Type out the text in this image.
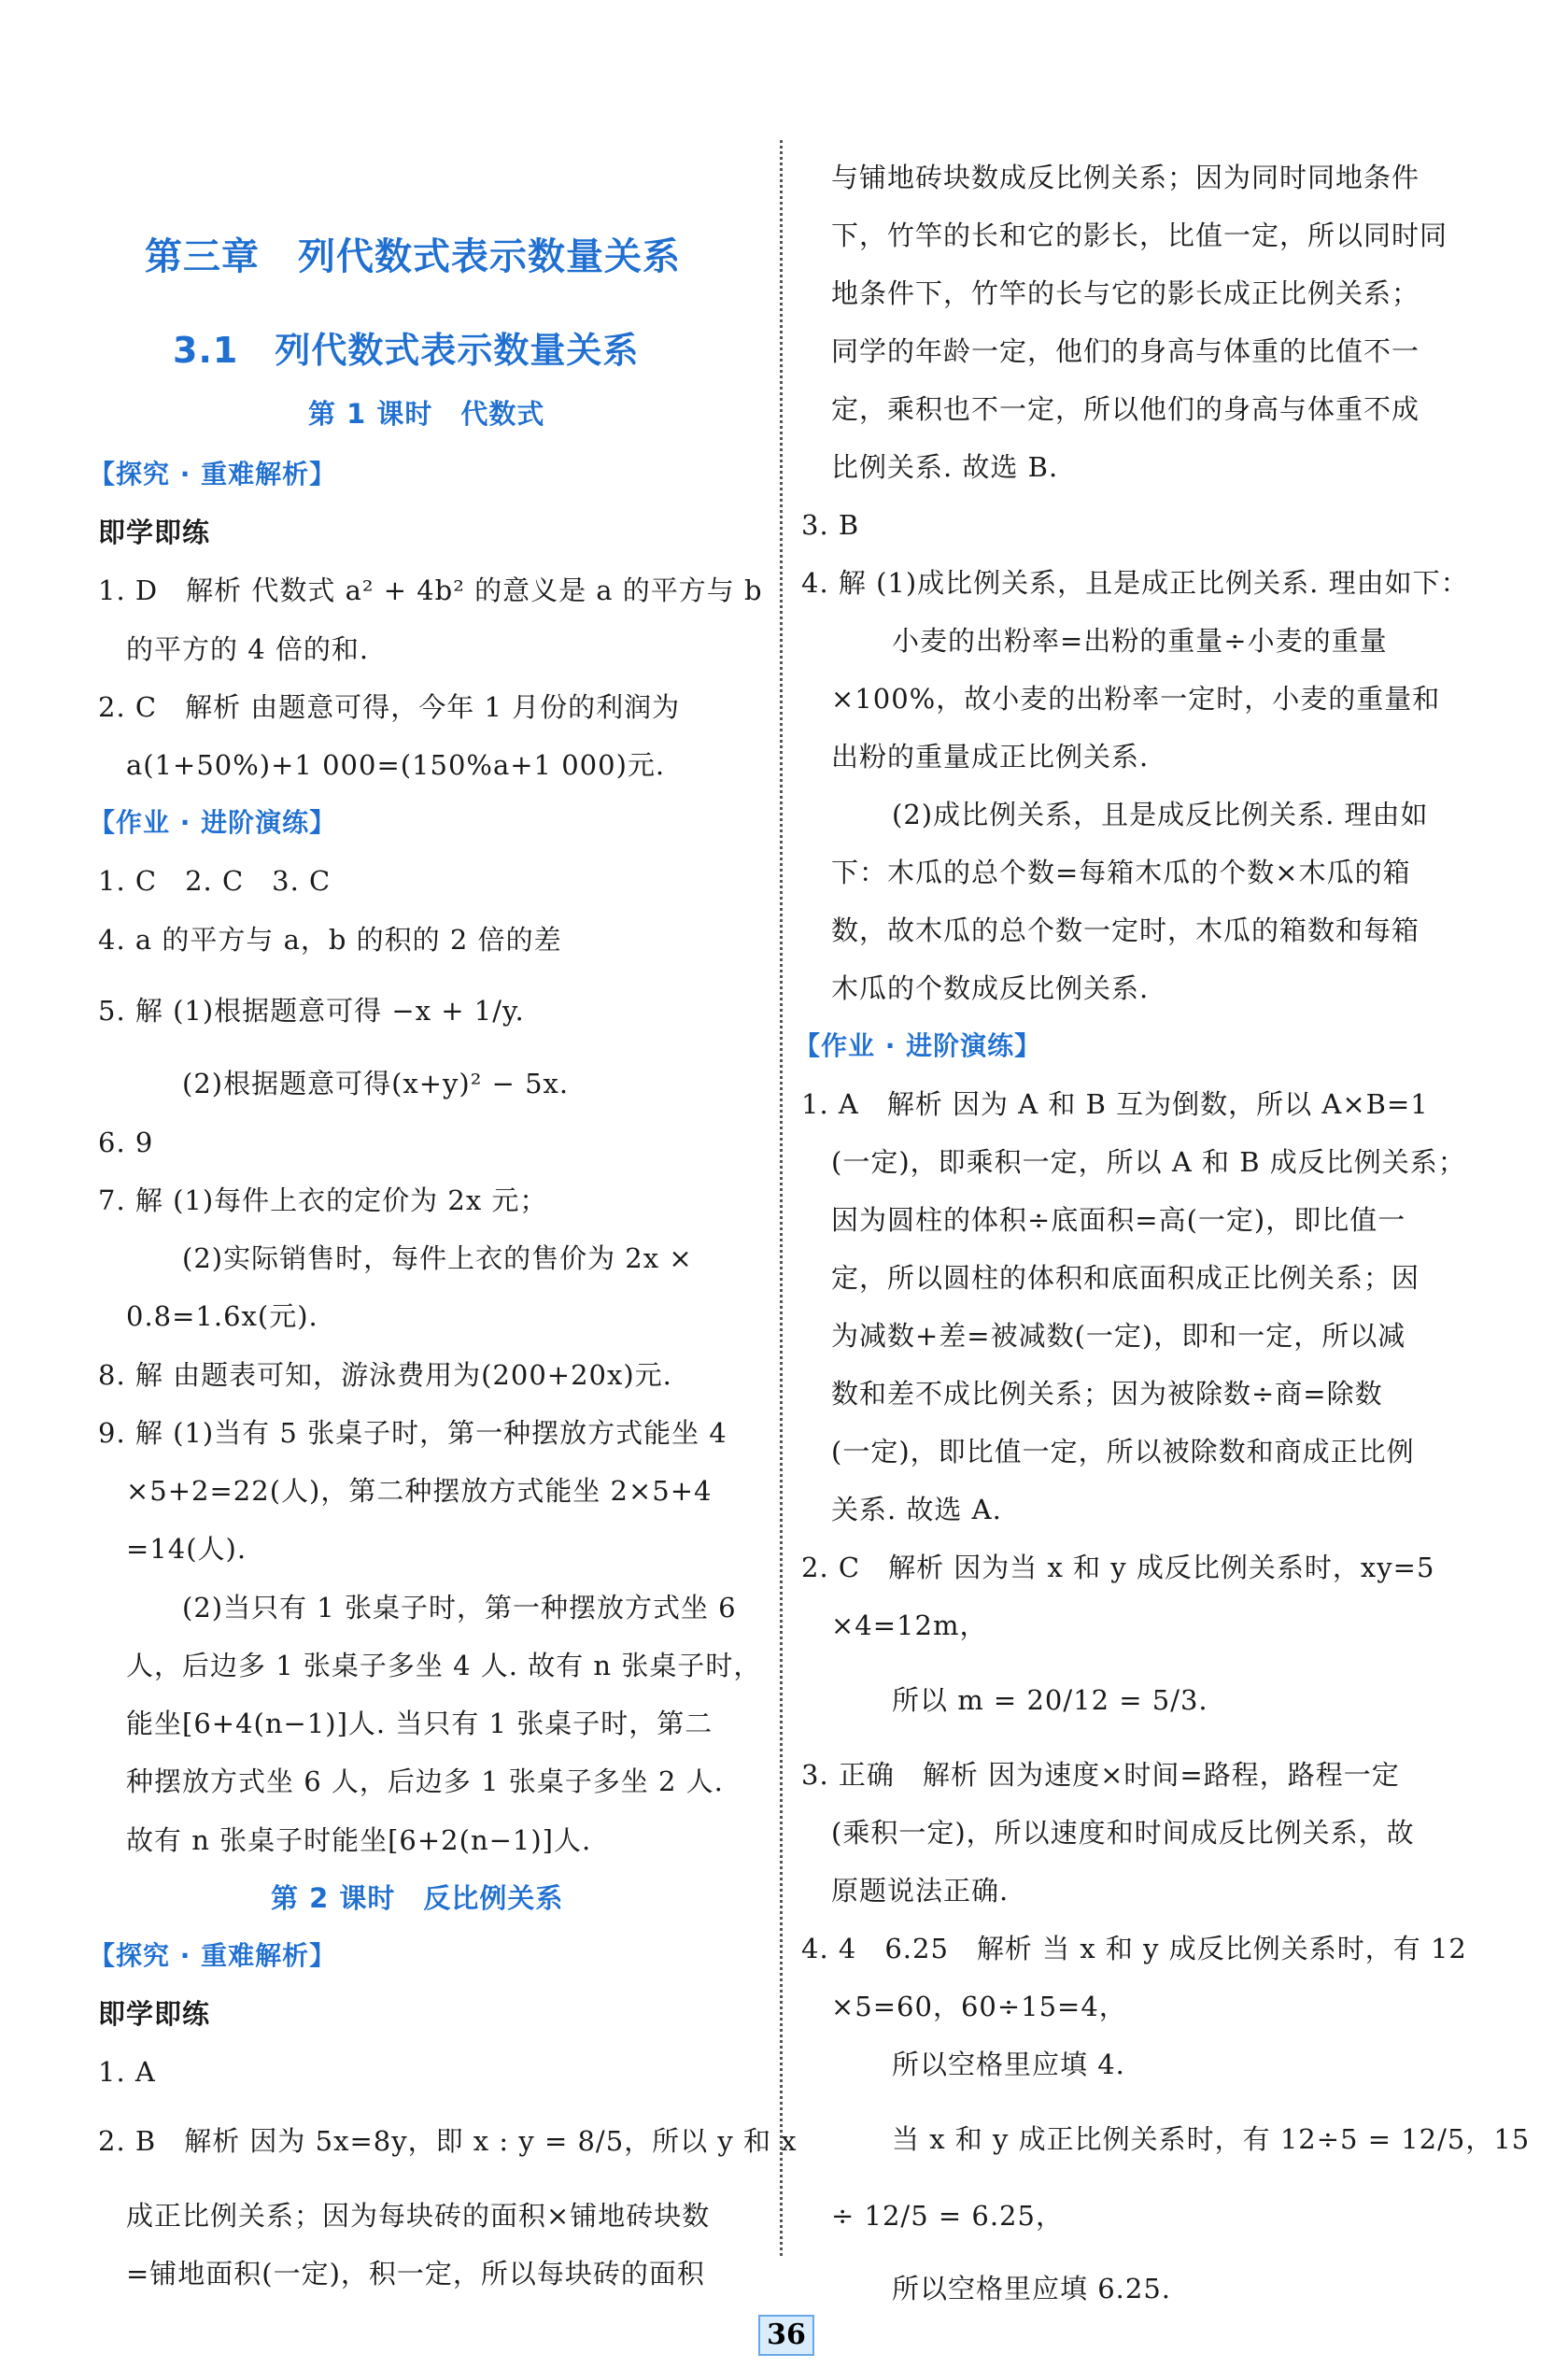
第三章　列代数式表示数量关系
3.1　列代数式表示数量关系
第 1 课时　代数式
【探究 · 重难解析】
即学即练
1. D　解析 代数式 a² + 4b² 的意义是 a 的平方与 b
的平方的 4 倍的和.
2. C　解析 由题意可得，今年 1 月份的利润为
a(1+50%)+1 000=(150%a+1 000)元.
【作业 · 进阶演练】
1. C　2. C　3. C
4. a 的平方与 a，b 的积的 2 倍的差
5. 解 (1)根据题意可得 −x + 1/y.
(2)根据题意可得(x+y)² − 5x.
6. 9
7. 解 (1)每件上衣的定价为 2x 元；
(2)实际销售时，每件上衣的售价为 2x ×
0.8=1.6x(元).
8. 解 由题表可知，游泳费用为(200+20x)元.
9. 解 (1)当有 5 张桌子时，第一种摆放方式能坐 4
×5+2=22(人)，第二种摆放方式能坐 2×5+4
=14(人).
(2)当只有 1 张桌子时，第一种摆放方式坐 6
人，后边多 1 张桌子多坐 4 人. 故有 n 张桌子时，
能坐[6+4(n−1)]人. 当只有 1 张桌子时，第二
种摆放方式坐 6 人，后边多 1 张桌子多坐 2 人.
故有 n 张桌子时能坐[6+2(n−1)]人.
第 2 课时　反比例关系
【探究 · 重难解析】
即学即练
1. A
2. B　解析 因为 5x=8y，即 x : y = 8/5，所以 y 和 x
成正比例关系；因为每块砖的面积×铺地砖块数
=铺地面积(一定)，积一定，所以每块砖的面积
与铺地砖块数成反比例关系；因为同时同地条件
下，竹竿的长和它的影长，比值一定，所以同时同
地条件下，竹竿的长与它的影长成正比例关系；
同学的年龄一定，他们的身高与体重的比值不一
定，乘积也不一定，所以他们的身高与体重不成
比例关系. 故选 B.
3. B
4. 解 (1)成比例关系，且是成正比例关系. 理由如下：
小麦的出粉率=出粉的重量÷小麦的重量
×100%，故小麦的出粉率一定时，小麦的重量和
出粉的重量成正比例关系.
(2)成比例关系，且是成反比例关系. 理由如
下：木瓜的总个数=每箱木瓜的个数×木瓜的箱
数，故木瓜的总个数一定时，木瓜的箱数和每箱
木瓜的个数成反比例关系.
【作业 · 进阶演练】
1. A　解析 因为 A 和 B 互为倒数，所以 A×B=1
(一定)，即乘积一定，所以 A 和 B 成反比例关系；
因为圆柱的体积÷底面积=高(一定)，即比值一
定，所以圆柱的体积和底面积成正比例关系；因
为减数+差=被减数(一定)，即和一定，所以减
数和差不成比例关系；因为被除数÷商=除数
(一定)，即比值一定，所以被除数和商成正比例
关系. 故选 A.
2. C　解析 因为当 x 和 y 成反比例关系时，xy=5
×4=12m，
所以 m = 20/12 = 5/3.
3. 正确　解析 因为速度×时间=路程，路程一定
(乘积一定)，所以速度和时间成反比例关系，故
原题说法正确.
4. 4　6.25　解析 当 x 和 y 成反比例关系时，有 12
×5=60，60÷15=4，
所以空格里应填 4.
当 x 和 y 成正比例关系时，有 12÷5 = 12/5，15
÷ 12/5 = 6.25，
所以空格里应填 6.25.
36
